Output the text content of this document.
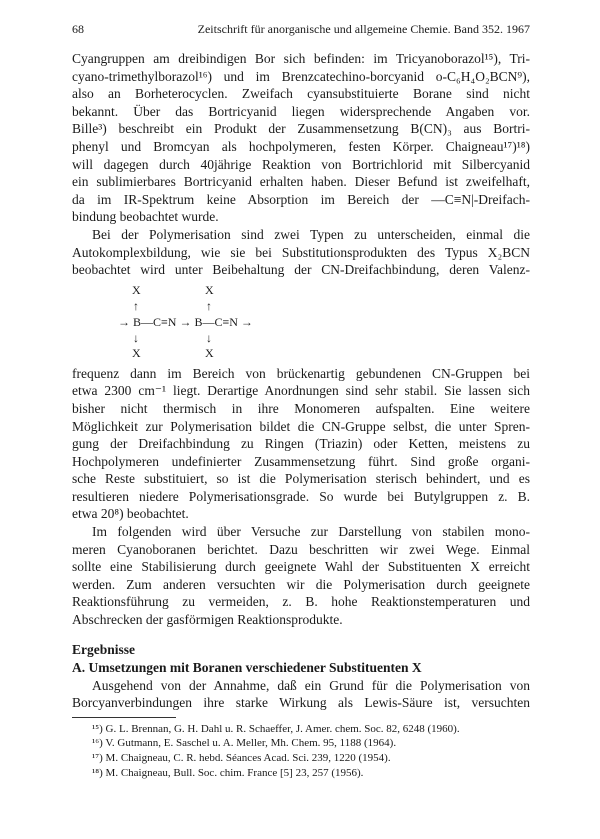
68	Zeitschrift für anorganische und allgemeine Chemie. Band 352. 1967
Cyangruppen am dreibindigen Bor sich befinden: im Tricyanoborazol¹⁵), Tri-
cyano-trimethylborazol¹⁶) und im Brenzcatechino-borcyanid o-C₆H₄O₂BCN⁹),
also an Borheterocyclen. Zweifach cyansubstituierte Borane sind nicht
bekannt. Über das Bortricyanid liegen widersprechende Angaben vor.
Bille³) beschreibt ein Produkt der Zusammensetzung B(CN)₃ aus Bortri-
phenyl und Bromcyan als hochpolymeren, festen Körper. Chaigneau¹⁷)¹⁸)
will dagegen durch 40jährige Reaktion von Bortrichlorid mit Silbercyanid
ein sublimierbares Bortricyanid erhalten haben. Dieser Befund ist zweifelhaft,
da im IR-Spektrum keine Absorption im Bereich der —C≡N|-Dreifach-
bindung beobachtet wurde.
Bei der Polymerisation sind zwei Typen zu unterscheiden, einmal die
Autokomplexbildung, wie sie bei Substitutionsprodukten des Typus X₂BCN
beobachtet wird unter Beibehaltung der CN-Dreifachbindung, deren Valenz-
X	X
↑	↑
→ B—C≡N → B—C≡N →
↓	↓
X	X
frequenz dann im Bereich von brückenartig gebundenen CN-Gruppen bei
etwa 2300 cm⁻¹ liegt. Derartige Anordnungen sind sehr stabil. Sie lassen sich
bisher nicht thermisch in ihre Monomeren aufspalten. Eine weitere
Möglichkeit zur Polymerisation bildet die CN-Gruppe selbst, die unter Spren-
gung der Dreifachbindung zu Ringen (Triazin) oder Ketten, meistens zu
Hochpolymeren undefinierter Zusammensetzung führt. Sind große organi-
sche Reste substituiert, so ist die Polymerisation sterisch behindert, und es
resultieren niedere Polymerisationsgrade. So wurde bei Butylgruppen z. B.
etwa 20⁸) beobachtet.
Im folgenden wird über Versuche zur Darstellung von stabilen mono-
meren Cyanoboranen berichtet. Dazu beschritten wir zwei Wege. Einmal
sollte eine Stabilisierung durch geeignete Wahl der Substituenten X erreicht
werden. Zum anderen versuchten wir die Polymerisation durch geeignete
Reaktionsführung zu vermeiden, z. B. hohe Reaktionstemperaturen und
Abschrecken der gasförmigen Reaktionsprodukte.

Ergebnisse

A. Umsetzungen mit Boranen verschiedener Substituenten X

Ausgehend von der Annahme, daß ein Grund für die Polymerisation von
Borcyanverbindungen ihre starke Wirkung als Lewis-Säure ist, versuchten

¹⁵) G. L. Brennan, G. H. Dahl u. R. Schaeffer, J. Amer. chem. Soc. 82, 6248 (1960).

¹⁶) V. Gutmann, E. Saschel u. A. Meller, Mh. Chem. 95, 1188 (1964).

¹⁷) M. Chaigneau, C. R. hebd. Séances Acad. Sci. 239, 1220 (1954).

¹⁸) M. Chaigneau, Bull. Soc. chim. France [5] 23, 257 (1956).
